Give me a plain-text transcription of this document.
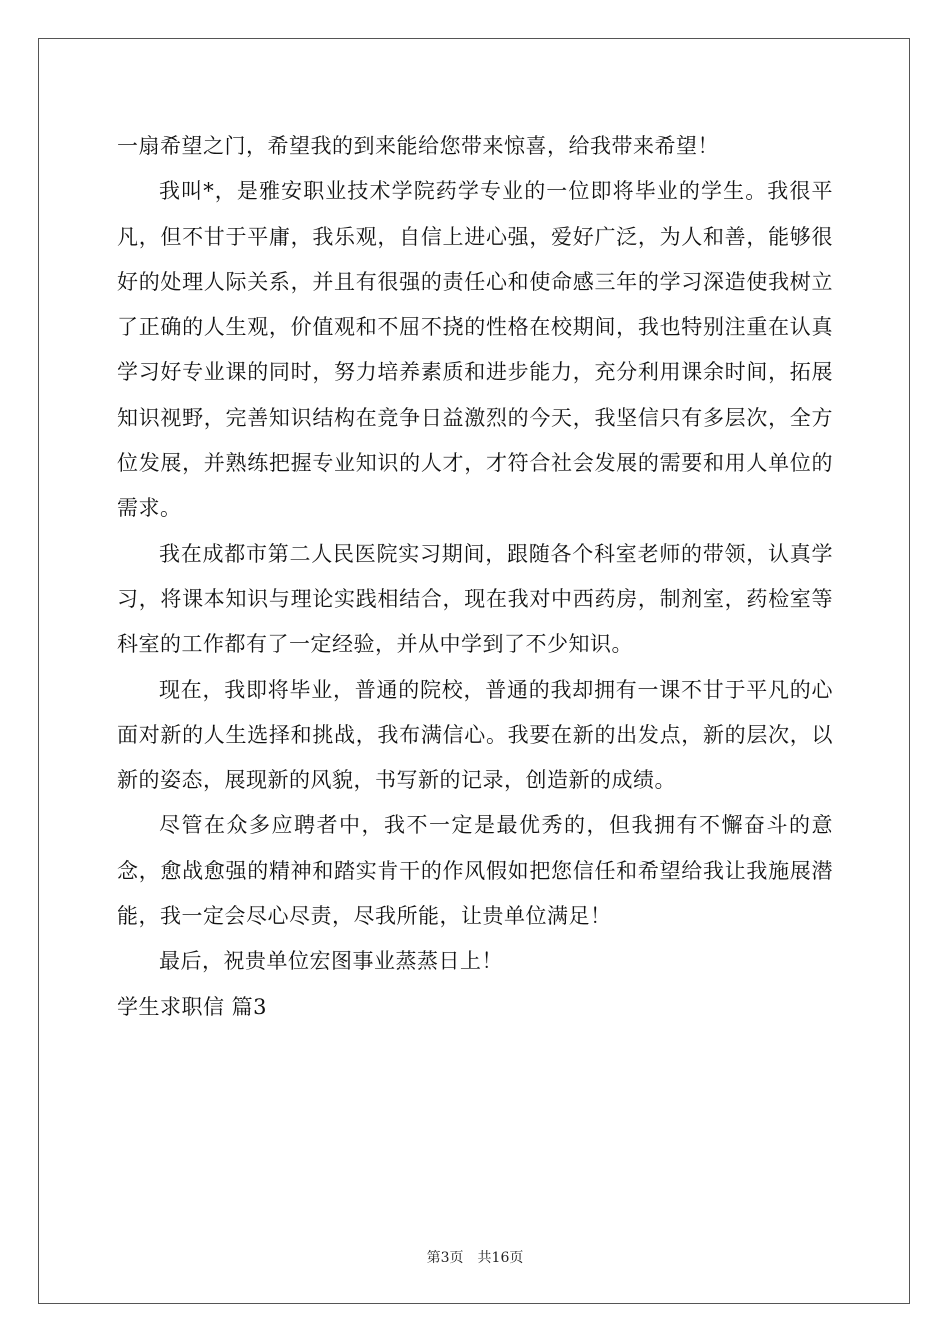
一扇希望之门，希望我的到来能给您带来惊喜，给我带来希望！

我叫*，是雅安职业技术学院药学专业的一位即将毕业的学生。我很平凡，但不甘于平庸，我乐观，自信上进心强，爱好广泛，为人和善，能够很好的处理人际关系，并且有很强的责任心和使命感三年的学习深造使我树立了正确的人生观，价值观和不屈不挠的性格在校期间，我也特别注重在认真学习好专业课的同时，努力培养素质和进步能力，充分利用课余时间，拓展知识视野，完善知识结构在竞争日益激烈的今天，我坚信只有多层次，全方位发展，并熟练把握专业知识的人才，才符合社会发展的需要和用人单位的需求。

我在成都市第二人民医院实习期间，跟随各个科室老师的带领，认真学习，将课本知识与理论实践相结合，现在我对中西药房，制剂室，药检室等科室的工作都有了一定经验，并从中学到了不少知识。

现在，我即将毕业，普通的院校，普通的我却拥有一课不甘于平凡的心面对新的人生选择和挑战，我布满信心。我要在新的出发点，新的层次，以新的姿态，展现新的风貌，书写新的记录，创造新的成绩。

尽管在众多应聘者中，我不一定是最优秀的，但我拥有不懈奋斗的意念，愈战愈强的精神和踏实肯干的作风假如把您信任和希望给我让我施展潜能，我一定会尽心尽责，尽我所能，让贵单位满足！

最后，祝贵单位宏图事业蒸蒸日上！

学生求职信 篇3

第3页　共16页
